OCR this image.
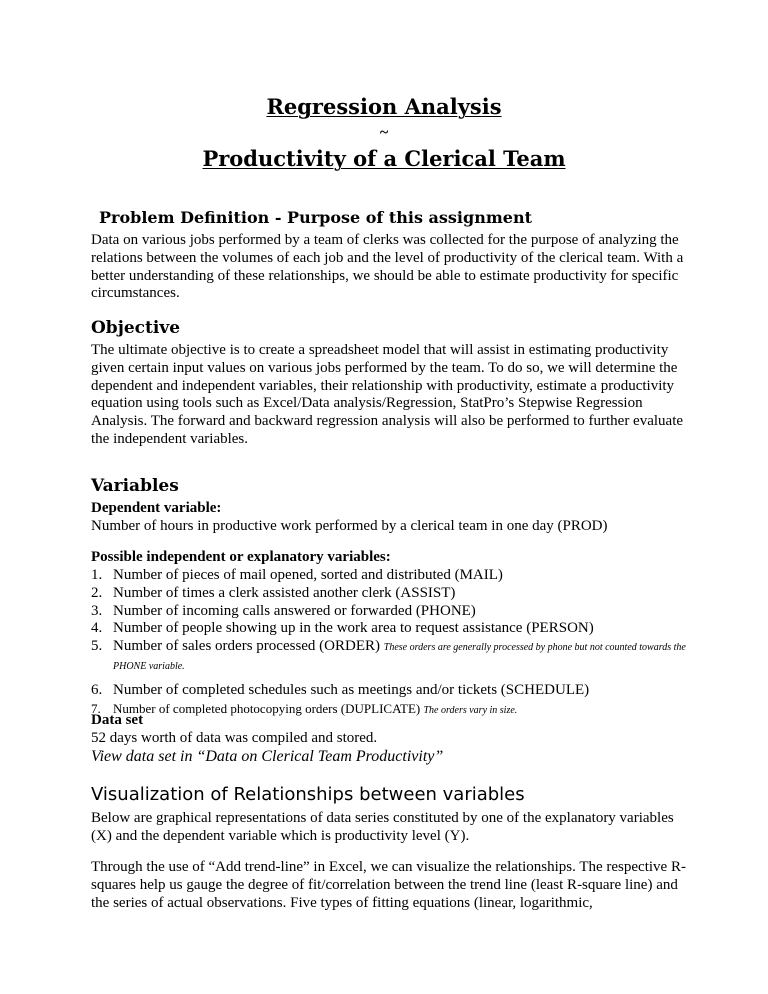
Regression Analysis
~
Productivity of a Clerical Team
Problem Definition - Purpose of this assignment

Data on various jobs performed by a team of clerks was collected for the purpose of analyzing the relations between the volumes of each job and the level of productivity of the clerical team. With a better understanding of these relationships, we should be able to estimate productivity for specific circumstances.

Objective

The ultimate objective is to create a spreadsheet model that will assist in estimating productivity given certain input values on various jobs performed by the team. To do so, we will determine the dependent and independent variables, their relationship with productivity, estimate a productivity equation using tools such as Excel/Data analysis/Regression, StatPro’s Stepwise Regression Analysis. The forward and backward regression analysis will also be performed to further evaluate the independent variables.

Variables
Dependent variable:
Number of hours in productive work performed by a clerical team in one day (PROD)
Possible independent or explanatory variables:
1. Number of pieces of mail opened, sorted and distributed (MAIL)
2. Number of times a clerk assisted another clerk (ASSIST)
3. Number of incoming calls answered or forwarded (PHONE)
4. Number of people showing up in the work area to request assistance (PERSON)
5. Number of sales orders processed (ORDER) These orders are generally processed by phone but not counted towards the PHONE variable.
6. Number of completed schedules such as meetings and/or tickets (SCHEDULE)
7. Number of completed photocopying orders (DUPLICATE) The orders vary in size.
Data set
52 days worth of data was compiled and stored.
View data set in “Data on Clerical Team Productivity”
Visualization of Relationships between variables

Below are graphical representations of data series constituted by one of the explanatory variables (X) and the dependent variable which is productivity level (Y).

Through the use of “Add trend-line” in Excel, we can visualize the relationships. The respective R-squares help us gauge the degree of fit/correlation between the trend line (least R-square line) and the series of actual observations. Five types of fitting equations (linear, logarithmic,
